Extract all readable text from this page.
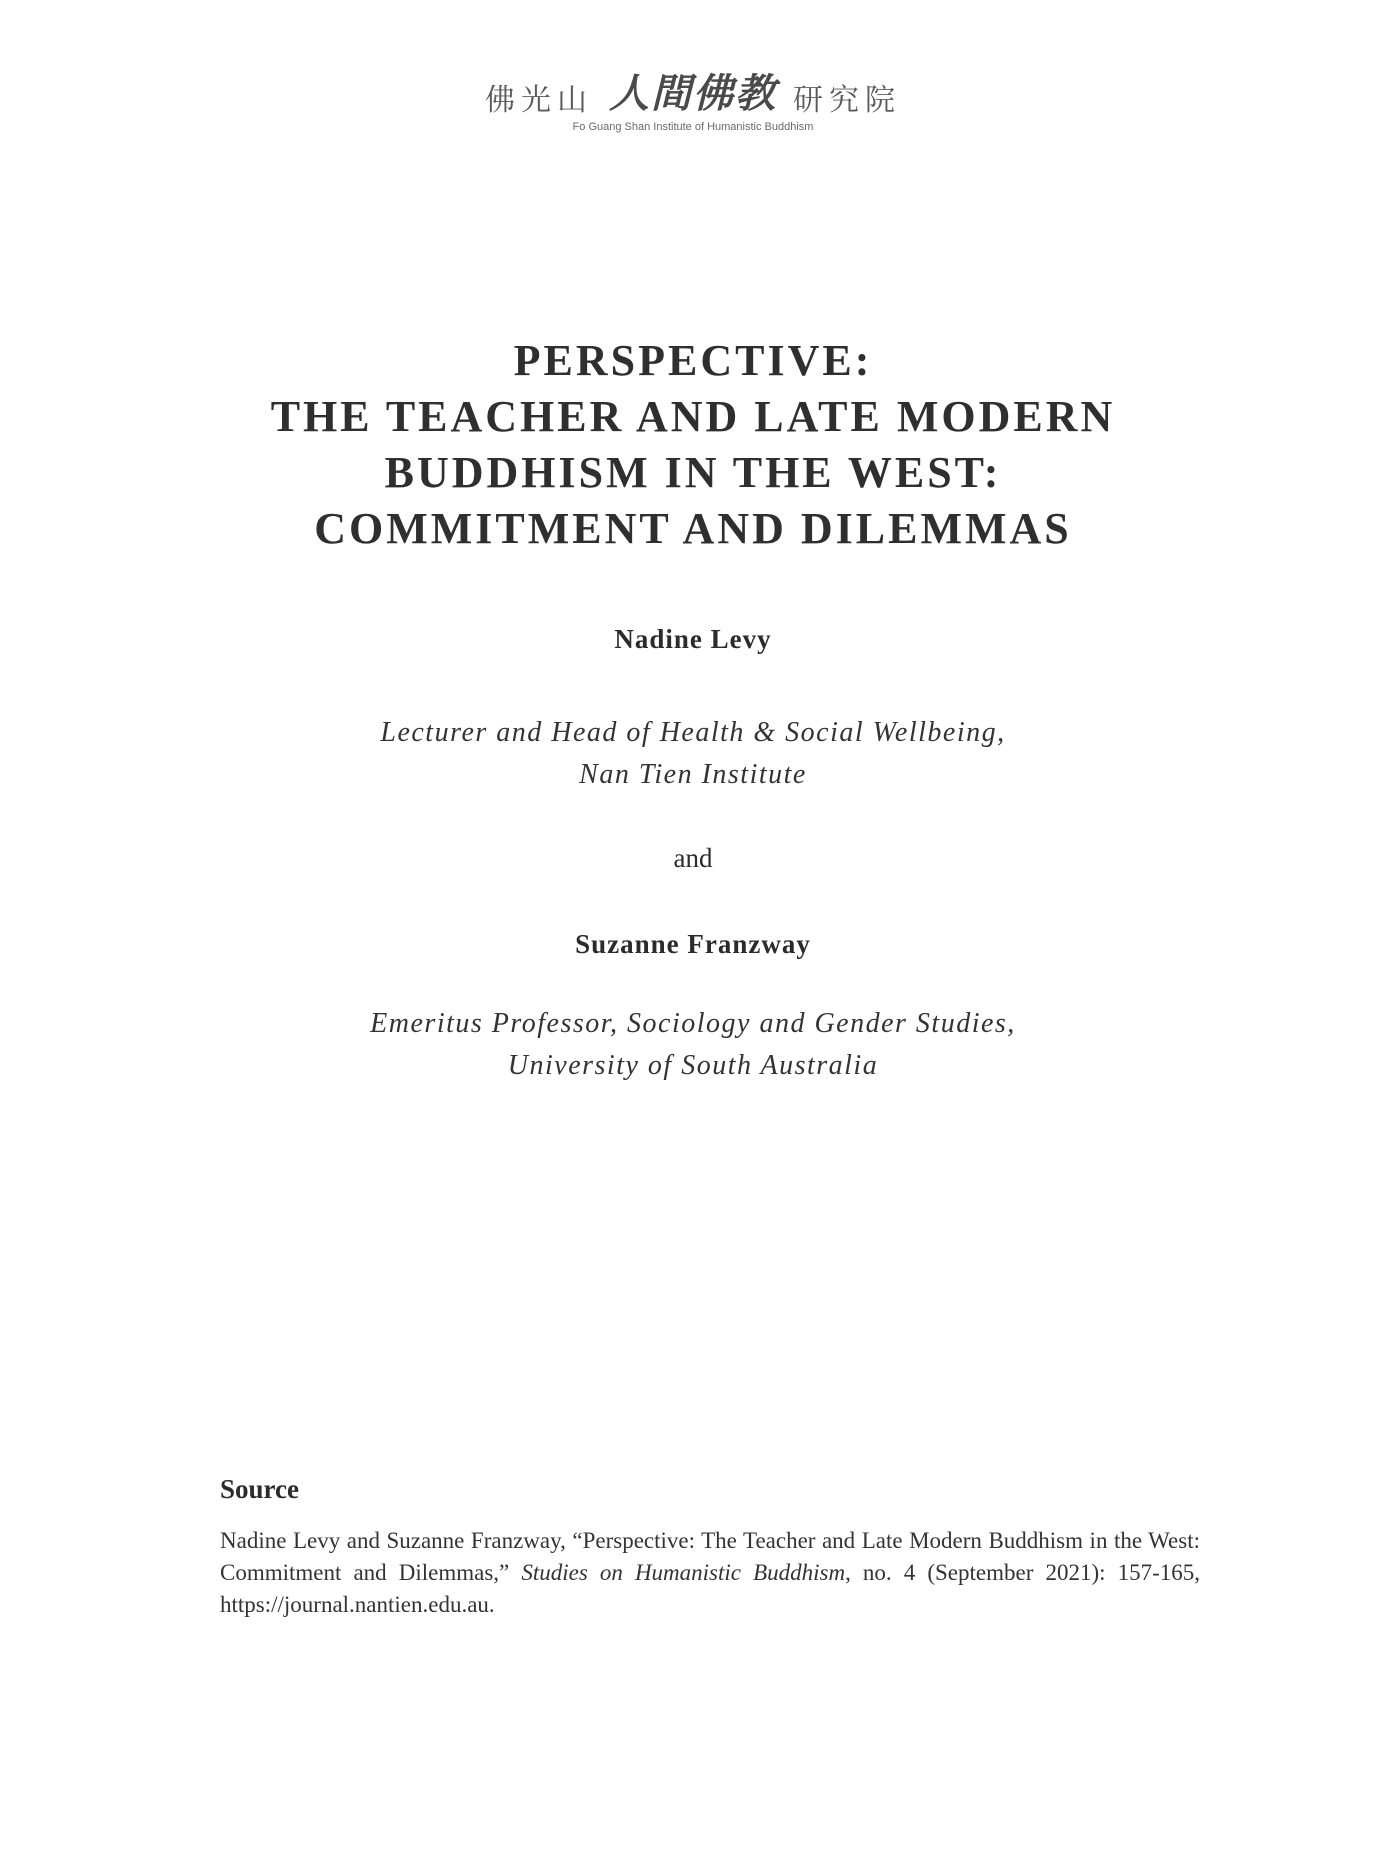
佛光山 人間佛教 研究院
Fo Guang Shan Institute of Humanistic Buddhism
PERSPECTIVE:
THE TEACHER AND LATE MODERN
BUDDHISM IN THE WEST:
COMMITMENT AND DILEMMAS
Nadine Levy
Lecturer and Head of Health & Social Wellbeing,
Nan Tien Institute
and
Suzanne Franzway
Emeritus Professor, Sociology and Gender Studies,
University of South Australia
Source
Nadine Levy and Suzanne Franzway, “Perspective: The Teacher and Late Modern Buddhism in the West: Commitment and Dilemmas,” Studies on Humanistic Buddhism, no. 4 (September 2021): 157-165, https://journal.nantien.edu.au.
